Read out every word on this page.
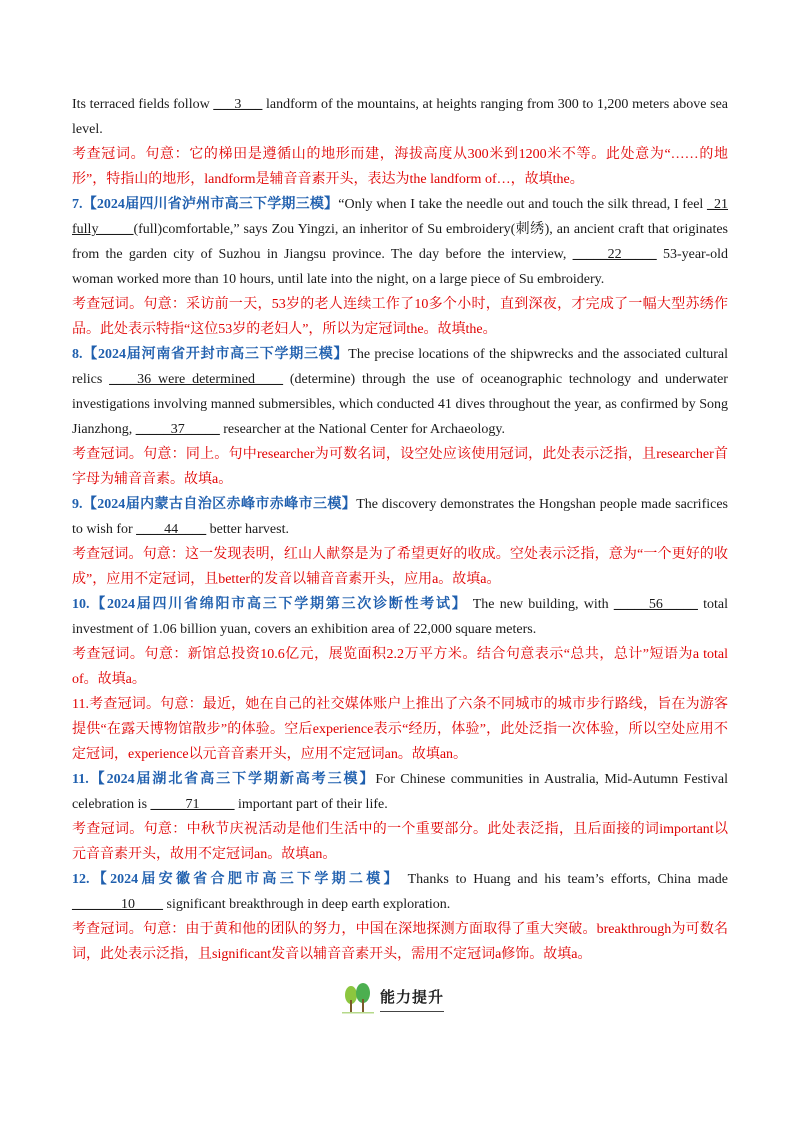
Its terraced fields follow ___3___ landform of the mountains, at heights ranging from 300 to 1,200 meters above sea level.

考查冠词。句意：它的梯田是遵循山的地形而建，海拔高度从300米到1200米不等。此处意为“……的地形”，特指山的地形，landform是辅音音素开头，表达为the landform of…，故填the。

7.【2024届四川省泸州市高三下学期三模】“Only when I take the needle out and touch the silk thread, I feel _21 fully_____(full)comfortable,” says Zou Yingzi, an inheritor of Su embroidery(刺绣), an ancient craft that originates from the garden city of Suzhou in Jiangsu province. The day before the interview, _____22_____ 53-year-old woman worked more than 10 hours, until late into the night, on a large piece of Su embroidery.

考查冠词。句意：采访前一天，53岁的老人连续工作了10多个小时，直到深夜，才完成了一幅大型苏绣作品。此处表示特指“这位53岁的老妇人”，所以为定冠词the。故填the。

8.【2024届河南省开封市高三下学期三模】The precise locations of the shipwrecks and the associated cultural relics ____36 were determined____ (determine) through the use of oceanographic technology and underwater investigations involving manned submersibles, which conducted 41 dives throughout the year, as confirmed by Song Jianzhong, _____37_____ researcher at the National Center for Archaeology.

考查冠词。句意：同上。句中researcher为可数名词，设空处应该使用冠词，此处表示泛指，且researcher首字母为辅音音素。故填a。

9.【2024届内蒙古自治区赤峰市赤峰市三模】The discovery demonstrates the Hongshan people made sacrifices to wish for ____44____ better harvest.

考查冠词。句意：这一发现表明，红山人献祭是为了希望更好的收成。空处表示泛指，意为“一个更好的收成”，应用不定冠词，且better的发音以辅音音素开头，应用a。故填a。

10.【2024届四川省绵阳市高三下学期第三次诊断性考试】 The new building, with _____56_____ total investment of 1.06 billion yuan, covers an exhibition area of 22,000 square meters.

考查冠词。句意：新馆总投资10.6亿元，展览面积2.2万平方米。结合句意表示“总共，总计”短语为a total of。故填a。

11.考查冠词。句意：最近，她在自己的社交媒体账户上推出了六条不同城市的城市步行路线，旨在为游客提供“在露天博物馆散步”的体验。空后experience表示“经历，体验”，此处泛指一次体验，所以空处应用不定冠词，experience以元音音素开头，应用不定冠词an。故填an。

11.【2024届湖北省高三下学期新高考三模】For Chinese communities in Australia, Mid-Autumn Festival celebration is _____71_____ important part of their life.

考查冠词。句意：中秋节庆祝活动是他们生活中的一个重要部分。此处表泛指，且后面接的词important以元音音素开头，故用不定冠词an。故填an。

12.【2024届安徽省合肥市高三下学期二模】 Thanks to Huang and his team’s efforts, China made _______10____ significant breakthrough in deep earth exploration.

考查冠词。句意：由于黄和他的团队的努力，中国在深地探测方面取得了重大突破。breakthrough为可数名词，此处表示泛指，且significant发音以辅音音素开头，需用不定冠词a修饰。故填a。

能力提升
